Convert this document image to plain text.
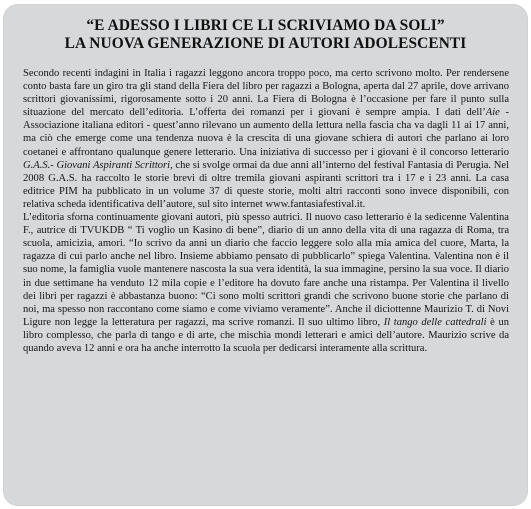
“E ADESSO I LIBRI CE LI SCRIVIAMO DA SOLI”
LA NUOVA GENERAZIONE DI AUTORI ADOLESCENTI

Secondo recenti indagini in Italia i ragazzi leggono ancora troppo poco, ma certo scrivono molto. Per rendersene conto basta fare un giro tra gli stand della Fiera del libro per ragazzi a Bologna, aperta dal 27 aprile, dove arrivano scrittori giovanissimi, rigorosamente sotto i 20 anni. La Fiera di Bologna è l’occasione per fare il punto sulla situazione del mercato dell’editoria. L’offerta dei romanzi per i giovani è sempre ampia. I dati dell’Aie - Associazione italiana editori - quest’anno rilevano un aumento della lettura nella fascia cha va dagli 11 ai 17 anni, ma ciò che emerge come una tendenza nuova è la crescita di una giovane schiera di autori che parlano ai loro coetanei e affrontano qualunque genere letterario. Una iniziativa di successo per i giovani è il concorso letterario G.A.S.- Giovani Aspiranti Scrittori, che si svolge ormai da due anni all’interno del festival Fantasia di Perugia. Nel 2008 G.A.S. ha raccolto le storie brevi di oltre tremila giovani aspiranti scrittori tra i 17 e i 23 anni. La casa editrice PIM ha pubblicato in un volume 37 di queste storie, molti altri racconti sono invece disponibili, con relativa scheda identificativa dell’autore, sul sito internet www.fantasiafestival.it.

L’editoria sforna continuamente giovani autori, più spesso autrici. Il nuovo caso letterario è la sedicenne Valentina F., autrice di TVUKDB “ Ti voglio un Kasino di bene”, diario di un anno della vita di una ragazza di Roma, tra scuola, amicizia, amori. “Io scrivo da anni un diario che faccio leggere solo alla mia amica del cuore, Marta, la ragazza di cui parlo anche nel libro. Insieme abbiamo pensato di pubblicarlo” spiega Valentina. Valentina non è il suo nome, la famiglia vuole mantenere nascosta la sua vera identità, la sua immagine, persino la sua voce. Il diario in due settimane ha venduto 12 mila copie e l’editore ha dovuto fare anche una ristampa. Per Valentina il livello dei libri per ragazzi è abbastanza buono: “Ci sono molti scrittori grandi che scrivono buone storie che parlano di noi, ma spesso non raccontano come siamo e come viviamo veramente”. Anche il diciottenne Maurizio T. di Novi Ligure non legge la letteratura per ragazzi, ma scrive romanzi. Il suo ultimo libro, Il tango delle cattedrali è un libro complesso, che parla di tango e di arte, che mischia mondi letterari e amici dell’autore. Maurizio scrive da quando aveva 12 anni e ora ha anche interrotto la scuola per dedicarsi interamente alla scrittura.
